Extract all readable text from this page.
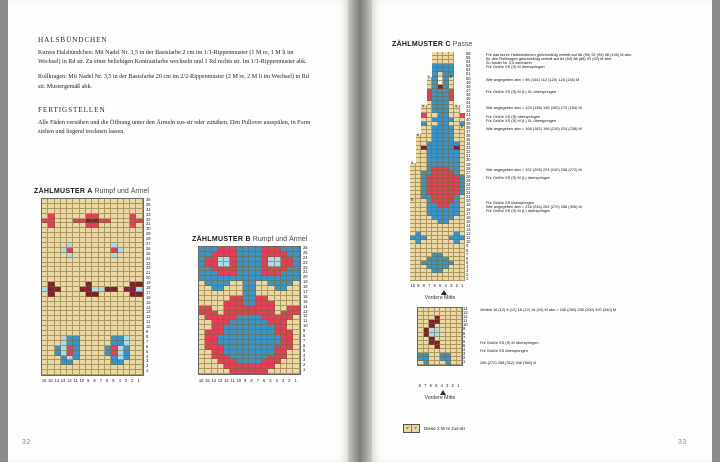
HALSBÜNDCHEN

Kurzes Halsbündchen: Mit Nadel Nr. 3,5 in der Basisfarbe 2 cm im 1/1-Rippenmuster (1 M re, 1 M li im Wechsel) in Rd str. Zu einer beliebigen Kontrastfarbe wechseln und 1 Rd rechts str. Im 1/1-Rippenmuster abk.

Rollkragen: Mit Nadel Nr. 3,5 in der Basisfarbe 20 cm im 2/2-Rippenmuster (2 M re, 2 M li im Wechsel) in Rd str. Mustergemäß abk.

FERTIGSTELLEN

Alle Fäden vernähen und die Öffnung unter den Ärmeln zus-str oder zunähen. Den Pullover ausspülen, in Form ziehen und liegend trocknen lassen.

ZÄHLMUSTER A Rumpf und Ärmel
36
35
34
33
32
31
30
29
28
27
26
25
24
23
22
21
20
19
18
17
16
15
14
13
12
11
10
9
8
7
6
5
4
3
2
1
16 15 14 13 12 11 10 9 8 7 6 5 4 3 2 1
ZÄHLMUSTER B Rumpf und Ärmel
26
25
24
23
22
21
20
19
18
17
16
15
14
13
12
11
10
9
8
7
6
5
4
3
2
1
16 15 14 13 12 11 10 9 8 7 6 5 4 3 2 1
ZÄHLMUSTER C Passe
V	V
V	V
V
V
V
V
56
55
54
53
52
51
50
49
48
47
46
45
44
43
42
41
40
39
38
37
36
35
34
33
32
31
30
29
28
27
26
25
24
23
22
21
20
19
18
17
16
15
14
13
12
11
10
9
8
7
6
5
4
3
2
1
Für das kurze Halsbündchen gleichmäßig verteilt auf 88 (90) 92 (94) 98 (100) M abn,
für den Rollkragen gleichmäßig verteilt auf 84 (84) 88 (88) 92 (92) M abn
Zu Nadel Nr. 3,5 wechseln
Für Größe XS (S) M überspringen
Wie angegeben abn = 98 (104) 112 (120) 128 (136) M
Für Größe XS (S) M (L) XL überspringen
Wie angegeben abn = 124 (136) 148 (160) 172 (184) M
Für Größe XS (S) überspringen
Für Größe XS (S) M (L) XL überspringen
Wie angegeben abn = 168 (182) 196 (210) 224 (238) M
Wie angegeben abn = 192 (206) 224 (240) 256 (272) M
Für Größe XS (S) M (L) überspringen
Für Größe XS überspringen
Wie angegeben abn = 216 (234) 252 (270) 288 (306) M
Für Größe XS (S) M (L) überspringen
10 9 8 7 6 5 4 3 2 1
Vordere Mitte
14
13
12
11
10
9
8
7
6
5
4
3
2
1
Verteilt 16 (12) 8 (12) 16 (12) 16 (20) M abn = 240 (260) 280 (300) 320 (340) M
Für Größe XS (S) M überspringen
Für Größe XS überspringen
256 (272) 288 (312) 336 (360) M
8 7 6 5 4 3 2 1
Vordere Mitte
V	V	Diese 2 M re zus-str
32	33
